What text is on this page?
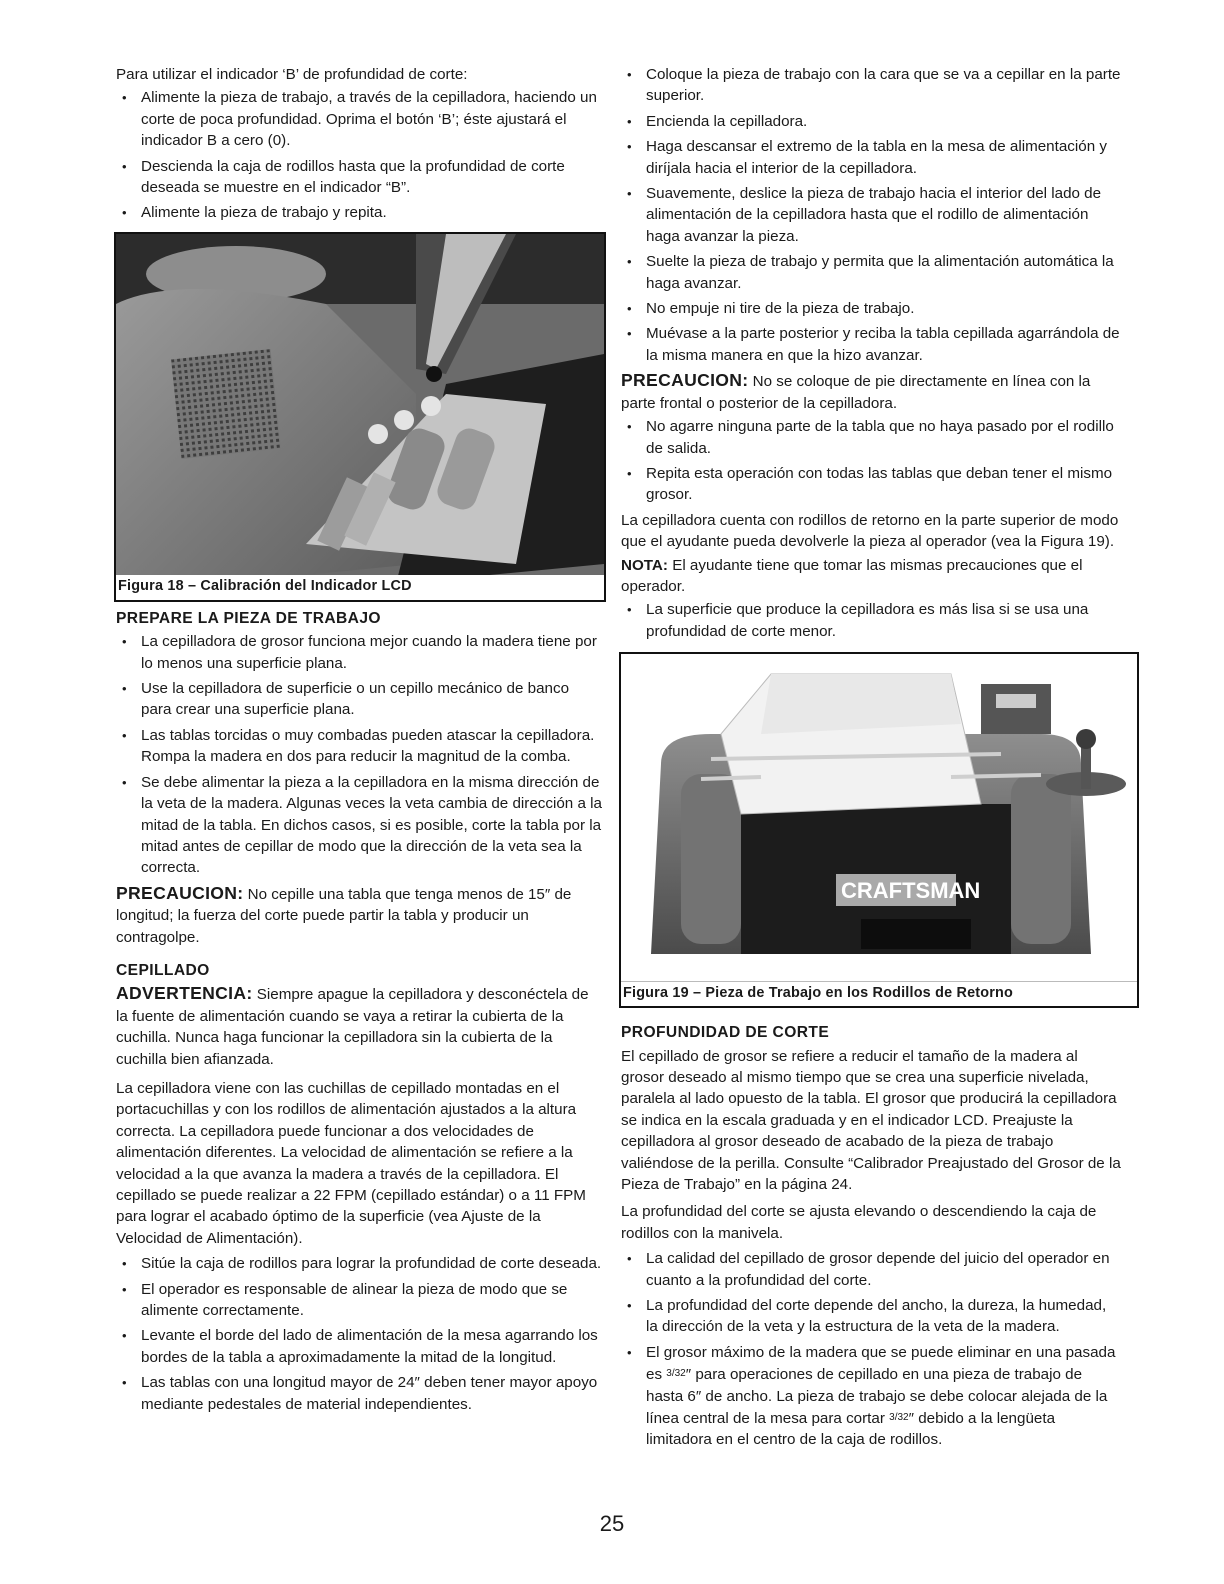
Para utilizar el indicador ‘B’ de profundidad de corte:

• Alimente la pieza de trabajo, a través de la cepilladora, haciendo un corte de poca profundidad. Oprima el botón ‘B’; éste ajustará el indicador B a cero (0).
• Descienda la caja de rodillos hasta que la profundidad de corte deseada se muestre en el indicador “B”.
• Alimente la pieza de trabajo y repita.
Figura 18 – Calibración del Indicador LCD
PREPARE LA PIEZA DE TRABAJO
• La cepilladora de grosor funciona mejor cuando la madera tiene por lo menos una superficie plana.
• Use la cepilladora de superficie o un cepillo mecánico de banco para crear una superficie plana.
• Las tablas torcidas o muy combadas pueden atascar la cepilladora. Rompa la madera en dos para reducir la magnitud de la comba.
• Se debe alimentar la pieza a la cepilladora en la misma dirección de la veta de la madera. Algunas veces la veta cambia de dirección a la mitad de la tabla. En dichos casos, si es posible, corte la tabla por la mitad antes de cepillar de modo que la dirección de la veta sea la correcta.

PRECAUCION: No cepille una tabla que tenga menos de 15″ de longitud; la fuerza del corte puede partir la tabla y producir un contragolpe.

CEPILLADO

ADVERTENCIA: Siempre apague la cepilladora y desconéctela de la fuente de alimentación cuando se vaya a retirar la cubierta de la cuchilla. Nunca haga funcionar la cepilladora sin la cubierta de la cuchilla bien afianzada.

La cepilladora viene con las cuchillas de cepillado montadas en el portacuchillas y con los rodillos de alimentación ajustados a la altura correcta. La cepilladora puede funcionar a dos velocidades de alimentación diferentes. La velocidad de alimentación se refiere a la velocidad a la que avanza la madera a través de la cepilladora. El cepillado se puede realizar a 22 FPM (cepillado estándar) o a 11 FPM para lograr el acabado óptimo de la superficie (vea Ajuste de la Velocidad de Alimentación).

• Sitúe la caja de rodillos para lograr la profundidad de corte deseada.
• El operador es responsable de alinear la pieza de modo que se alimente correctamente.
• Levante el borde del lado de alimentación de la mesa agarrando los bordes de la tabla a aproximadamente la mitad de la longitud.
• Las tablas con una longitud mayor de 24″ deben tener mayor apoyo mediante pedestales de material independientes.
• Coloque la pieza de trabajo con la cara que se va a cepillar en la parte superior.
• Encienda la cepilladora.
• Haga descansar el extremo de la tabla en la mesa de alimentación y diríjala hacia el interior de la cepilladora.
• Suavemente, deslice la pieza de trabajo hacia el interior del lado de alimentación de la cepilladora hasta que el rodillo de alimentación haga avanzar la pieza.
• Suelte la pieza de trabajo y permita que la alimentación automática la haga avanzar.
• No empuje ni tire de la pieza de trabajo.
• Muévase a la parte posterior y reciba la tabla cepillada agarrándola de la misma manera en que la hizo avanzar.

PRECAUCION: No se coloque de pie directamente en línea con la parte frontal o posterior de la cepilladora.

• No agarre ninguna parte de la tabla que no haya pasado por el rodillo de salida.
• Repita esta operación con todas las tablas que deban tener el mismo grosor.

La cepilladora cuenta con rodillos de retorno en la parte superior de modo que el ayudante pueda devolverle la pieza al operador (vea la Figura 19).

NOTA: El ayudante tiene que tomar las mismas precauciones que el operador.

• La superficie que produce la cepilladora es más lisa si se usa una profundidad de corte menor.
CRAFTSMAN
Figura 19 – Pieza de Trabajo en los Rodillos de Retorno
PROFUNDIDAD DE CORTE

El cepillado de grosor se refiere a reducir el tamaño de la madera al grosor deseado al mismo tiempo que se crea una superficie nivelada, paralela al lado opuesto de la tabla. El grosor que producirá la cepilladora se indica en la escala graduada y en el indicador LCD. Preajuste la cepilladora al grosor deseado de acabado de la pieza de trabajo valiéndose de la perilla. Consulte “Calibrador Preajustado del Grosor de la Pieza de Trabajo” en la página 24.

La profundidad del corte se ajusta elevando o descendiendo la caja de rodillos con la manivela.

• La calidad del cepillado de grosor depende del juicio del operador en cuanto a la profundidad del corte.
• La profundidad del corte depende del ancho, la dureza, la humedad, la dirección de la veta y la estructura de la veta de la madera.
• El grosor máximo de la madera que se puede eliminar en una pasada es 3/32″ para operaciones de cepillado en una pieza de trabajo de hasta 6″ de ancho. La pieza de trabajo se debe colocar alejada de la línea central de la mesa para cortar 3/32″ debido a la lengüeta limitadora en el centro de la caja de rodillos.
25
